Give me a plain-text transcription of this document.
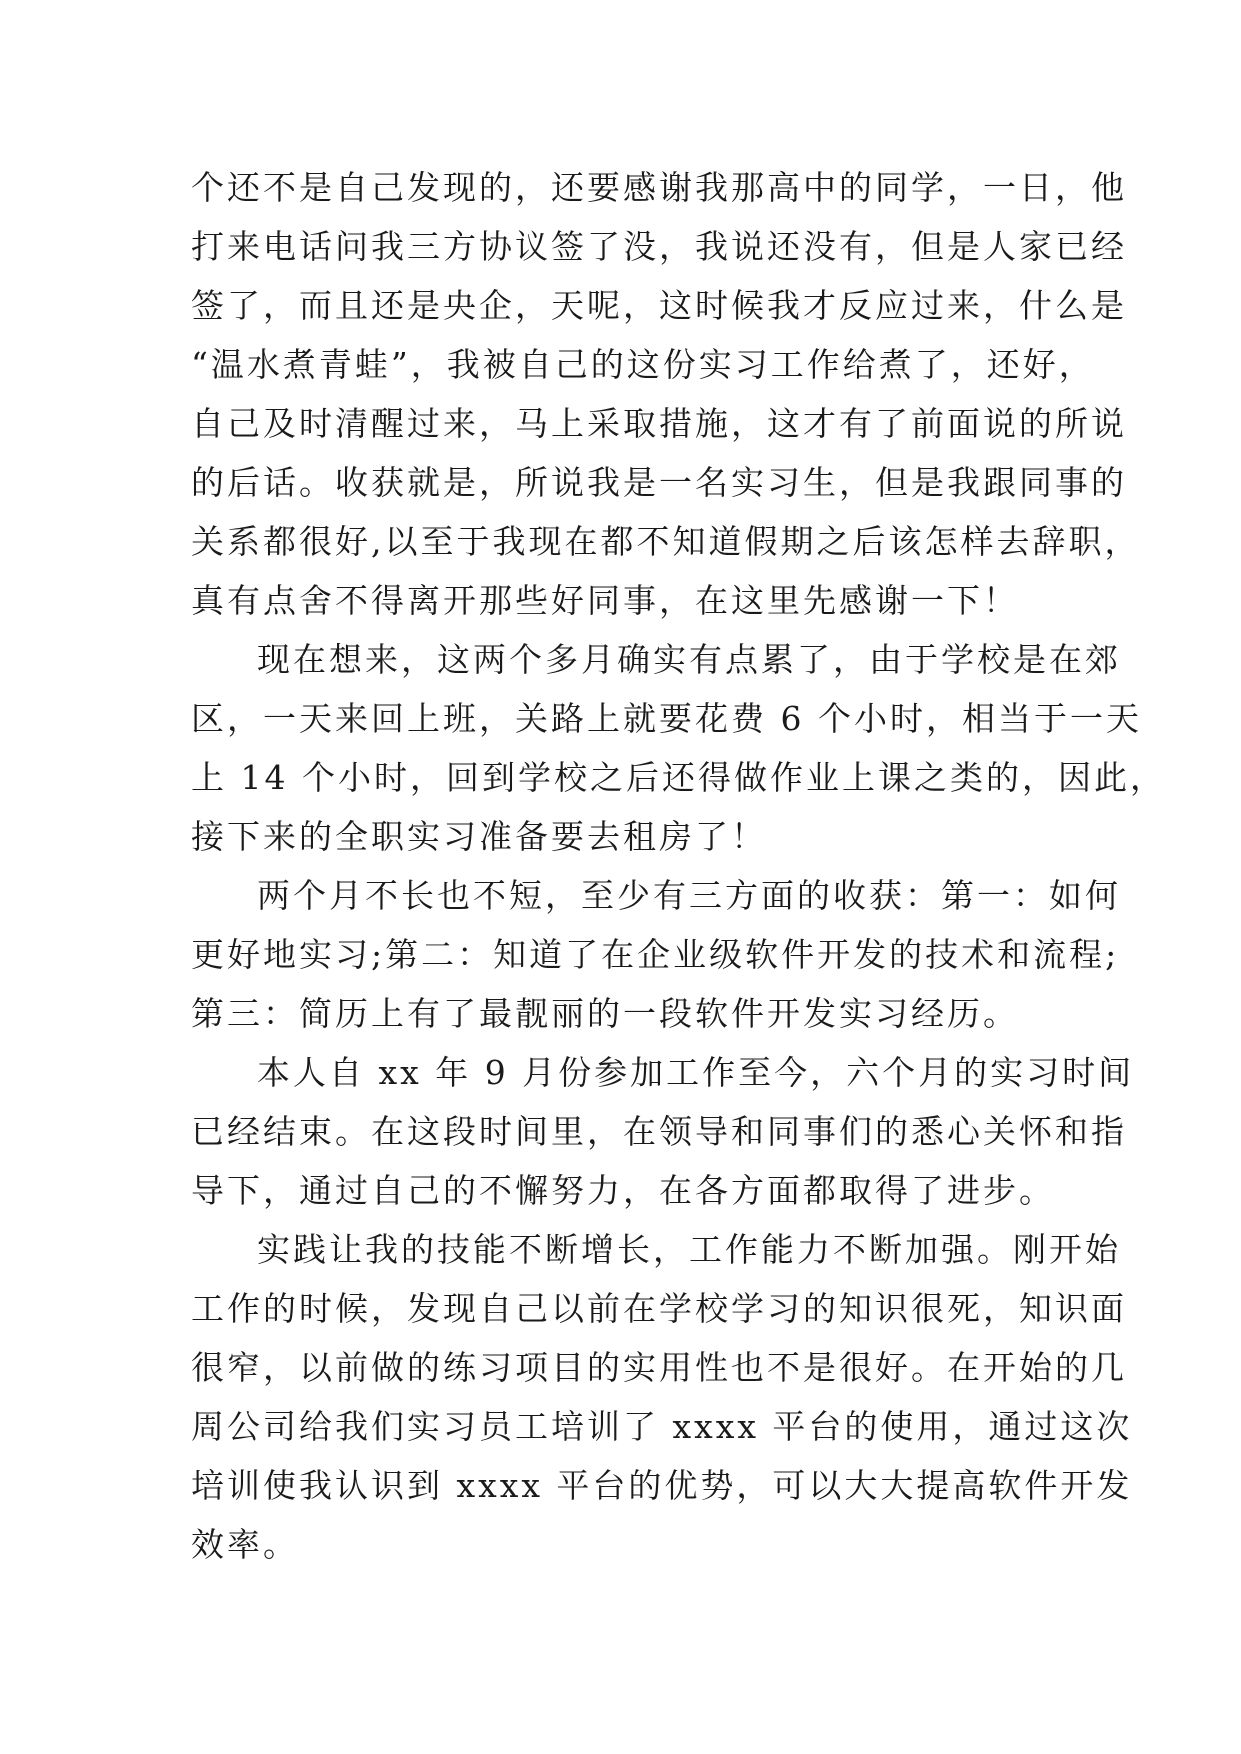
个还不是自己发现的，还要感谢我那高中的同学，一日，他
打来电话问我三方协议签了没，我说还没有，但是人家已经
签了，而且还是央企，天呢，这时候我才反应过来，什么是
“温水煮青蛙”，我被自己的这份实习工作给煮了，还好，
自己及时清醒过来，马上采取措施，这才有了前面说的所说
的后话。收获就是，所说我是一名实习生，但是我跟同事的
关系都很好,以至于我现在都不知道假期之后该怎样去辞职，
真有点舍不得离开那些好同事，在这里先感谢一下！
现在想来，这两个多月确实有点累了，由于学校是在郊
区，一天来回上班，关路上就要花费 6 个小时，相当于一天
上 14 个小时，回到学校之后还得做作业上课之类的，因此，
接下来的全职实习准备要去租房了！
两个月不长也不短，至少有三方面的收获：第一：如何
更好地实习;第二：知道了在企业级软件开发的技术和流程;
第三：简历上有了最靓丽的一段软件开发实习经历。
本人自 xx 年 9 月份参加工作至今，六个月的实习时间
已经结束。在这段时间里，在领导和同事们的悉心关怀和指
导下，通过自己的不懈努力，在各方面都取得了进步。
实践让我的技能不断增长，工作能力不断加强。刚开始
工作的时候，发现自己以前在学校学习的知识很死，知识面
很窄，以前做的练习项目的实用性也不是很好。在开始的几
周公司给我们实习员工培训了 xxxx 平台的使用，通过这次
培训使我认识到 xxxx 平台的优势，可以大大提高软件开发
效率。
